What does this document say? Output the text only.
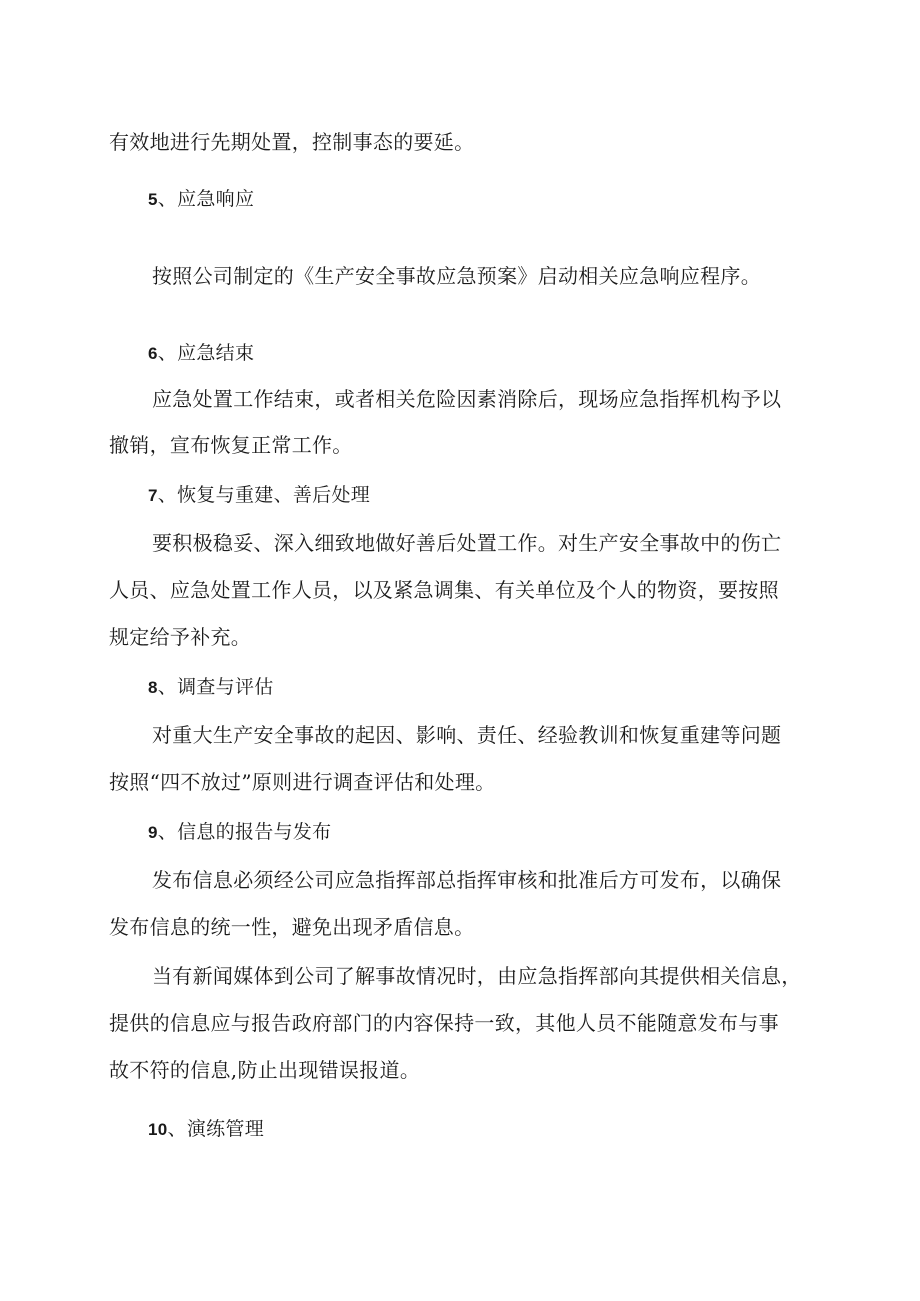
有效地进行先期处置，控制事态的要延。
5、应急响应
按照公司制定的《生产安全事故应急预案》启动相关应急响应程序。
6、应急结束
应急处置工作结束，或者相关危险因素消除后，现场应急指挥机构予以
撤销，宣布恢复正常工作。
7、恢复与重建、善后处理
要积极稳妥、深入细致地做好善后处置工作。对生产安全事故中的伤亡
人员、应急处置工作人员，以及紧急调集、有关单位及个人的物资，要按照
规定给予补充。
8、调查与评估
对重大生产安全事故的起因、影响、责任、经验教训和恢复重建等问题
按照“四不放过”原则进行调查评估和处理。
9、信息的报告与发布
发布信息必须经公司应急指挥部总指挥审核和批准后方可发布，以确保
发布信息的统一性，避免出现矛盾信息。
当有新闻媒体到公司了解事故情况时，由应急指挥部向其提供相关信息，
提供的信息应与报告政府部门的内容保持一致，其他人员不能随意发布与事
故不符的信息,防止出现错误报道。
10、演练管理
